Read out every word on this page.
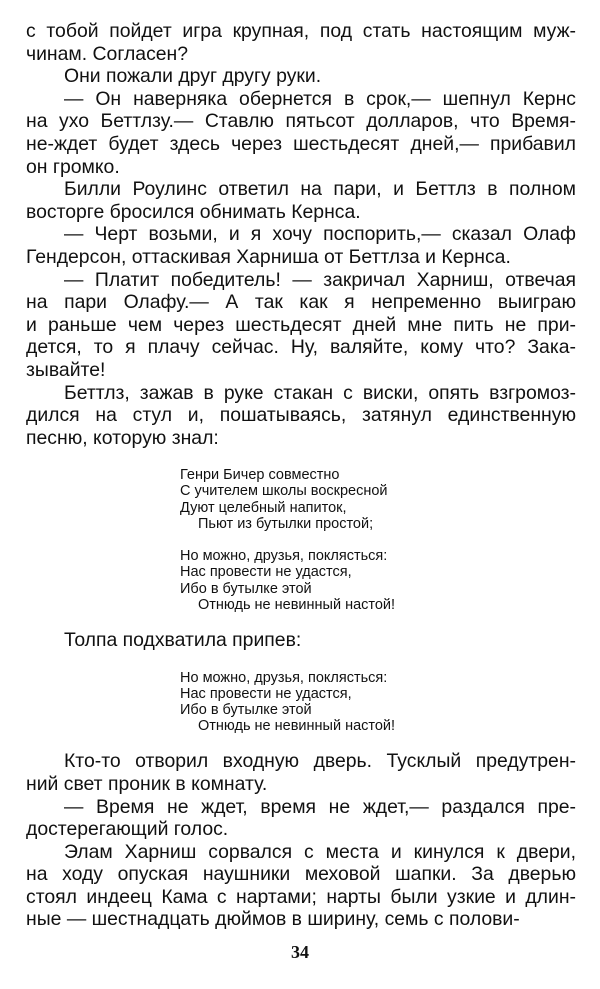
с тобой пойдет игра крупная, под стать настоящим муж-
чинам. Согласен?

Они пожали друг другу руки.

— Он наверняка обернется в срок,— шепнул Кернс
на ухо Беттлзу.— Ставлю пятьсот долларов, что Время-
не-ждет будет здесь через шестьдесят дней,— прибавил
он громко.

Билли Роулинс ответил на пари, и Беттлз в полном
восторге бросился обнимать Кернса.

— Черт возьми, и я хочу поспорить,— сказал Олаф
Гендерсон, оттаскивая Харниша от Беттлза и Кернса.

— Платит победитель! — закричал Харниш, отвечая
на пари Олафу.— А так как я непременно выиграю
и раньше чем через шестьдесят дней мне пить не при-
дется, то я плачу сейчас. Ну, валяйте, кому что? Зака-
зывайте!

Беттлз, зажав в руке стакан с виски, опять взгромоз-
дился на стул и, пошатываясь, затянул единственную
песню, которую знал:

Генри Бичер совместно
С учителем школы воскресной
Дуют целебный напиток,
Пьют из бутылки простой;
Но можно, друзья, поклясться:
Нас провести не удастся,
Ибо в бутылке этой
Отнюдь не невинный настой!

Толпа подхватила припев:

Но можно, друзья, поклясться:
Нас провести не удастся,
Ибо в бутылке этой
Отнюдь не невинный настой!

Кто-то отворил входную дверь. Тусклый предутрен-
ний свет проник в комнату.

— Время не ждет, время не ждет,— раздался пре-
достерегающий голос.

Элам Харниш сорвался с места и кинулся к двери,
на ходу опуская наушники меховой шапки. За дверью
стоял индеец Кама с нартами; нарты были узкие и длин-
ные — шестнадцать дюймов в ширину, семь с полови-

34
